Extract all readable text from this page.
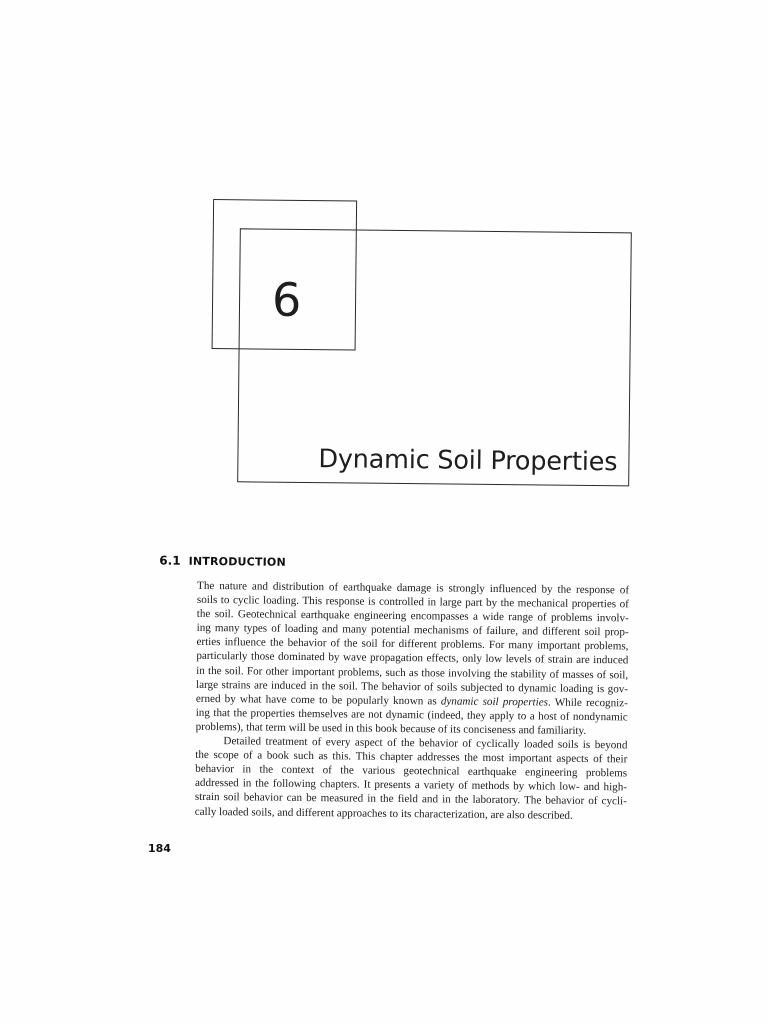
6
Dynamic Soil Properties
6.1 INTRODUCTION
The nature and distribution of earthquake damage is strongly influenced by the response of
soils to cyclic loading. This response is controlled in large part by the mechanical properties of
the soil. Geotechnical earthquake engineering encompasses a wide range of problems involv-
ing many types of loading and many potential mechanisms of failure, and different soil prop-
erties influence the behavior of the soil for different problems. For many important problems,
particularly those dominated by wave propagation effects, only low levels of strain are induced
in the soil. For other important problems, such as those involving the stability of masses of soil,
large strains are induced in the soil. The behavior of soils subjected to dynamic loading is gov-
erned by what have come to be popularly known as dynamic soil properties. While recogniz-
ing that the properties themselves are not dynamic (indeed, they apply to a host of nondynamic
problems), that term will be used in this book because of its conciseness and familiarity.
Detailed treatment of every aspect of the behavior of cyclically loaded soils is beyond
the scope of a book such as this. This chapter addresses the most important aspects of their
behavior in the context of the various geotechnical earthquake engineering problems
addressed in the following chapters. It presents a variety of methods by which low- and high-
strain soil behavior can be measured in the field and in the laboratory. The behavior of cycli-
cally loaded soils, and different approaches to its characterization, are also described.
184
